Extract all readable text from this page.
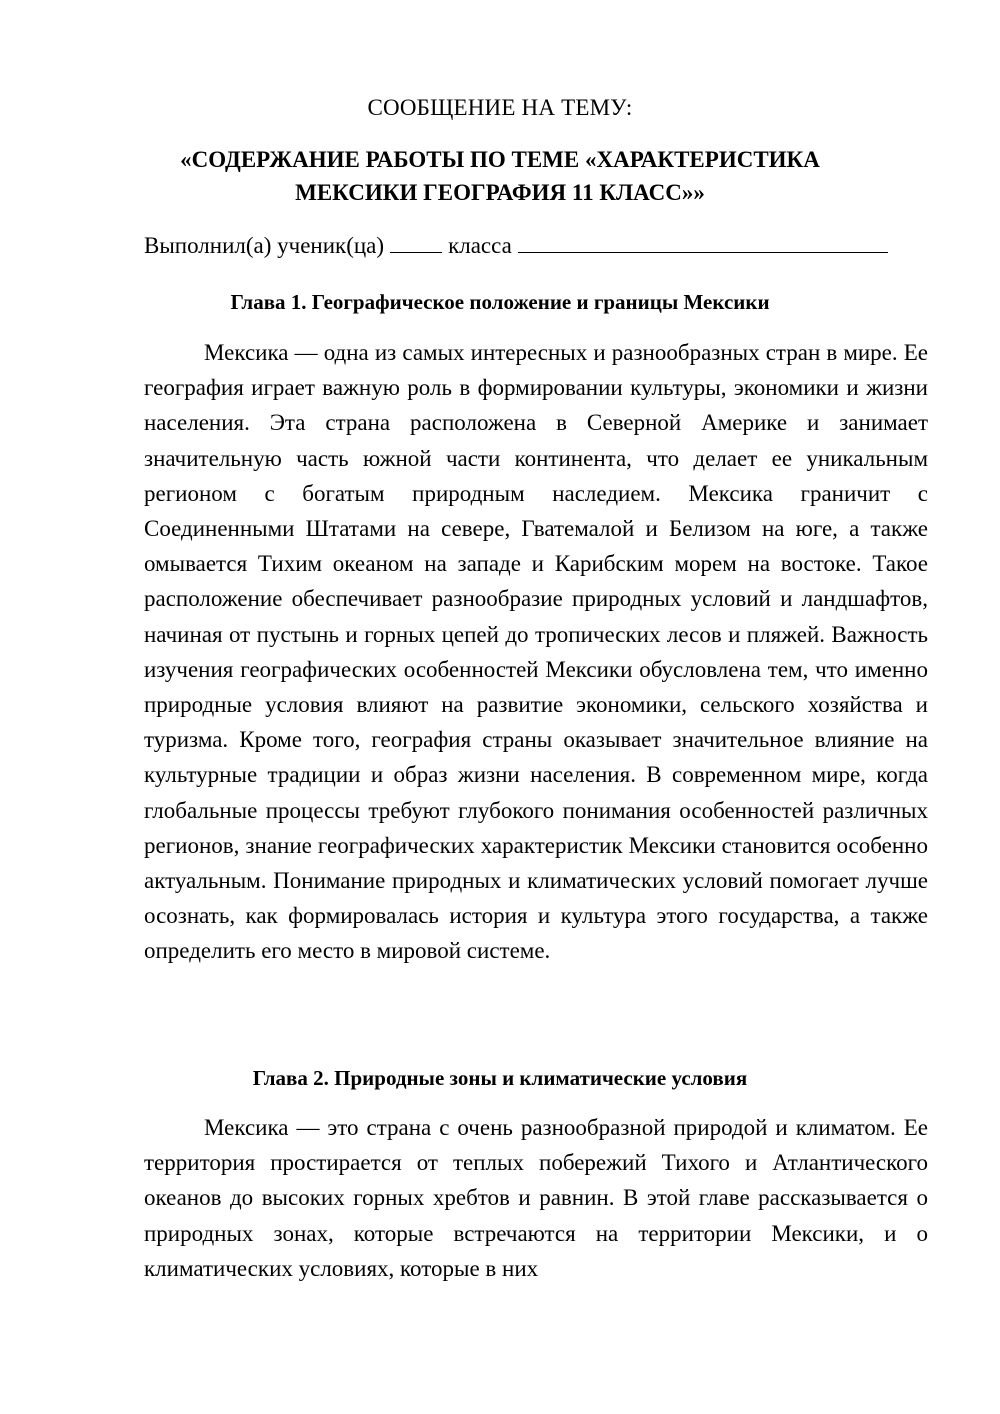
СООБЩЕНИЕ НА ТЕМУ:
«СОДЕРЖАНИЕ РАБОТЫ ПО ТЕМЕ «ХАРАКТЕРИСТИКА
МЕКСИКИ ГЕОГРАФИЯ 11 КЛАСС»»
Выполнил(а) ученик(ца)	класса
Глава 1. Географическое положение и границы Мексики

Мексика — одна из самых интересных и разнообразных стран в мире. Ее география играет важную роль в формировании культуры, экономики и жизни населения. Эта страна расположена в Северной Америке и занимает значительную часть южной части континента, что делает ее уникальным регионом с богатым природным наследием. Мексика граничит с Соединенными Штатами на севере, Гватемалой и Белизом на юге, а также омывается Тихим океаном на западе и Карибским морем на востоке. Такое расположение обеспечивает разнообразие природных условий и ландшафтов, начиная от пустынь и горных цепей до тропических лесов и пляжей. Важность изучения географических особенностей Мексики обусловлена тем, что именно природные условия влияют на развитие экономики, сельского хозяйства и туризма. Кроме того, география страны оказывает значительное влияние на культурные традиции и образ жизни населения. В современном мире, когда глобальные процессы требуют глубокого понимания особенностей различных регионов, знание географических характеристик Мексики становится особенно актуальным. Понимание природных и климатических условий помогает лучше осознать, как формировалась история и культура этого государства, а также определить его место в мировой системе.

Глава 2. Природные зоны и климатические условия

Мексика — это страна с очень разнообразной природой и климатом. Ее территория простирается от теплых побережий Тихого и Атлантического океанов до высоких горных хребтов и равнин. В этой главе рассказывается о природных зонах, которые встречаются на территории Мексики, и о климатических условиях, которые в них
